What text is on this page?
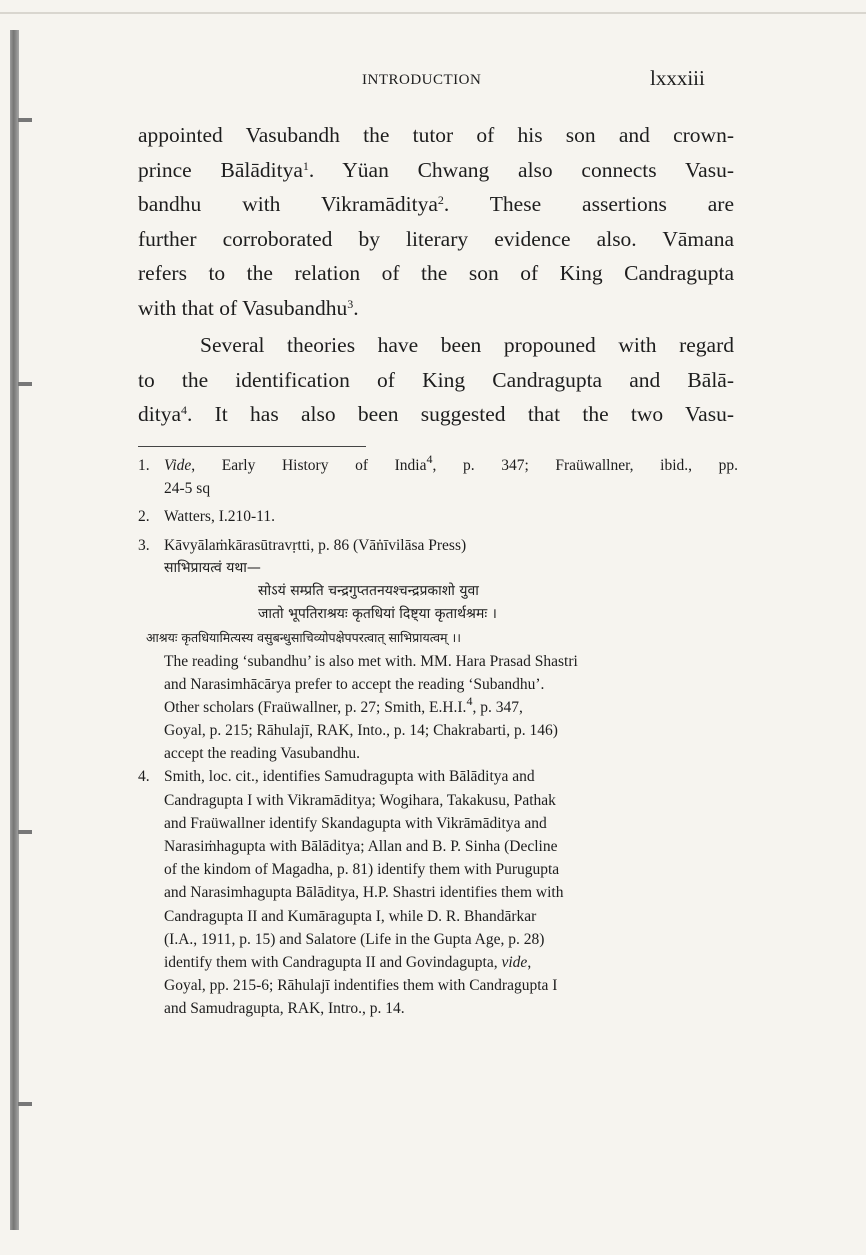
INTRODUCTION	lxxxiii
appointed Vasubandh the tutor of his son and crown-
prince Bālāditya$^1$. Yüan Chwang also connects Vasu-
bandhu with Vikramāditya$^2$. These assertions are
further corroborated by literary evidence also. Vāmana
refers to the relation of the son of King Candragupta
with that of Vasubandhu$^3$.
Several theories have been propouned with regard
to the identification of King Candragupta and Bālā-
ditya$^4$. It has also been suggested that the two Vasu-
1. Vide, Early History of India$^4$, p. 347; Fraüwallner, ibid., pp.
24-5 sq
2. Watters, I.210-11.
3. Kāvyālaṁkārasūtravṛtti, p. 86 (Vāṅīvilāsa Press)
साभिप्रायत्वं यथा—
सोऽयं सम्प्रति चन्द्रगुप्ततनयश्चन्द्रप्रकाशो युवा
जातो भूपतिराश्रयः कृतधियां दिष्ट्या कृतार्थश्रमः ।
आश्रयः कृतधियामित्यस्य वसुबन्धुसाचिव्योपक्षेपपरत्वात् साभिप्रायत्वम् ।।
The reading ‘subandhu’ is also met with. MM. Hara Prasad Shastri
and Narasimhācārya prefer to accept the reading ‘Subandhu’.
Other scholars (Fraüwallner, p. 27; Smith, E.H.I.$^4$, p. 347,
Goyal, p. 215; Rāhulajī, RAK, Into., p. 14; Chakrabarti, p. 146)
accept the reading Vasubandhu.
4. Smith, loc. cit., identifies Samudragupta with Bālāditya and
Candragupta I with Vikramāditya; Wogihara, Takakusu, Pathak
and Fraüwallner identify Skandagupta with Vikrāmāditya and
Narasiṁhagupta with Bālāditya; Allan and B. P. Sinha (Decline
of the kindom of Magadha, p. 81) identify them with Purugupta
and Narasimhagupta Bālāditya, H.P. Shastri identifies them with
Candragupta II and Kumāragupta I, while D. R. Bhandārkar
(I.A., 1911, p. 15) and Salatore (Life in the Gupta Age, p. 28)
identify them with Candragupta II and Govindagupta, vide,
Goyal, pp. 215-6; Rāhulajī indentifies them with Candragupta I
and Samudragupta, RAK, Intro., p. 14.
